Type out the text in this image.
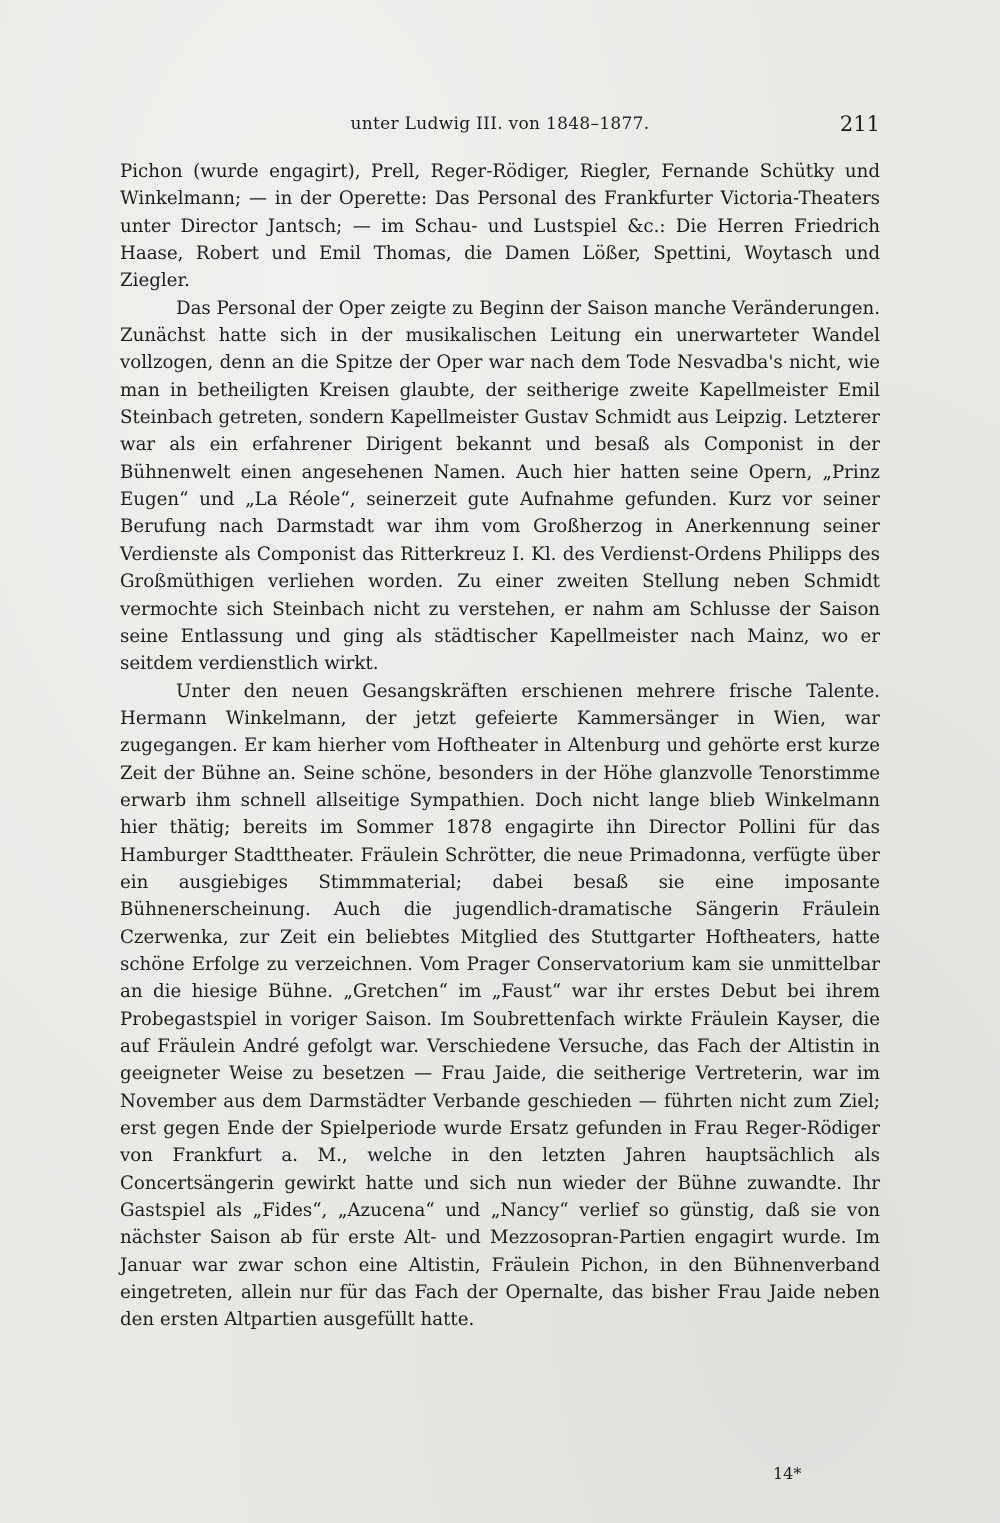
unter Ludwig III. von 1848–1877.	211

Pichon (wurde engagirt), Prell, Reger-Rödiger, Riegler, Fernande Schütky und Winkelmann; — in der Operette: Das Personal des Frankfurter Victoria-Theaters unter Director Jantsch; — im Schau- und Lustspiel &c.: Die Herren Friedrich Haase, Robert und Emil Thomas, die Damen Lößer, Spettini, Woytasch und Ziegler.

Das Personal der Oper zeigte zu Beginn der Saison manche Veränderungen. Zunächst hatte sich in der musikalischen Leitung ein unerwarteter Wandel vollzogen, denn an die Spitze der Oper war nach dem Tode Nesvadba's nicht, wie man in betheiligten Kreisen glaubte, der seitherige zweite Kapellmeister Emil Steinbach getreten, sondern Kapellmeister Gustav Schmidt aus Leipzig. Letzterer war als ein erfahrener Dirigent bekannt und besaß als Componist in der Bühnenwelt einen angesehenen Namen. Auch hier hatten seine Opern, „Prinz Eugen“ und „La Réole“, seinerzeit gute Aufnahme gefunden. Kurz vor seiner Berufung nach Darmstadt war ihm vom Großherzog in Anerkennung seiner Verdienste als Componist das Ritterkreuz I. Kl. des Verdienst-Ordens Philipps des Großmüthigen verliehen worden. Zu einer zweiten Stellung neben Schmidt vermochte sich Steinbach nicht zu verstehen, er nahm am Schlusse der Saison seine Entlassung und ging als städtischer Kapellmeister nach Mainz, wo er seitdem verdienstlich wirkt.

Unter den neuen Gesangskräften erschienen mehrere frische Talente. Hermann Winkelmann, der jetzt gefeierte Kammersänger in Wien, war zugegangen. Er kam hierher vom Hoftheater in Altenburg und gehörte erst kurze Zeit der Bühne an. Seine schöne, besonders in der Höhe glanzvolle Tenorstimme erwarb ihm schnell allseitige Sympathien. Doch nicht lange blieb Winkelmann hier thätig; bereits im Sommer 1878 engagirte ihn Director Pollini für das Hamburger Stadttheater. Fräulein Schrötter, die neue Primadonna, verfügte über ein ausgiebiges Stimmmaterial; dabei besaß sie eine imposante Bühnenerscheinung. Auch die jugendlich-dramatische Sängerin Fräulein Czerwenka, zur Zeit ein beliebtes Mitglied des Stuttgarter Hoftheaters, hatte schöne Erfolge zu verzeichnen. Vom Prager Conservatorium kam sie unmittelbar an die hiesige Bühne. „Gretchen“ im „Faust“ war ihr erstes Debut bei ihrem Probegastspiel in voriger Saison. Im Soubrettenfach wirkte Fräulein Kayser, die auf Fräulein André gefolgt war. Verschiedene Versuche, das Fach der Altistin in geeigneter Weise zu besetzen — Frau Jaide, die seitherige Vertreterin, war im November aus dem Darmstädter Verbande geschieden — führten nicht zum Ziel; erst gegen Ende der Spielperiode wurde Ersatz gefunden in Frau Reger-Rödiger von Frankfurt a. M., welche in den letzten Jahren hauptsächlich als Concertsängerin gewirkt hatte und sich nun wieder der Bühne zuwandte. Ihr Gastspiel als „Fides“, „Azucena“ und „Nancy“ verlief so günstig, daß sie von nächster Saison ab für erste Alt- und Mezzosopran-Partien engagirt wurde. Im Januar war zwar schon eine Altistin, Fräulein Pichon, in den Bühnenverband eingetreten, allein nur für das Fach der Opernalte, das bisher Frau Jaide neben den ersten Altpartien ausgefüllt hatte.

14*
